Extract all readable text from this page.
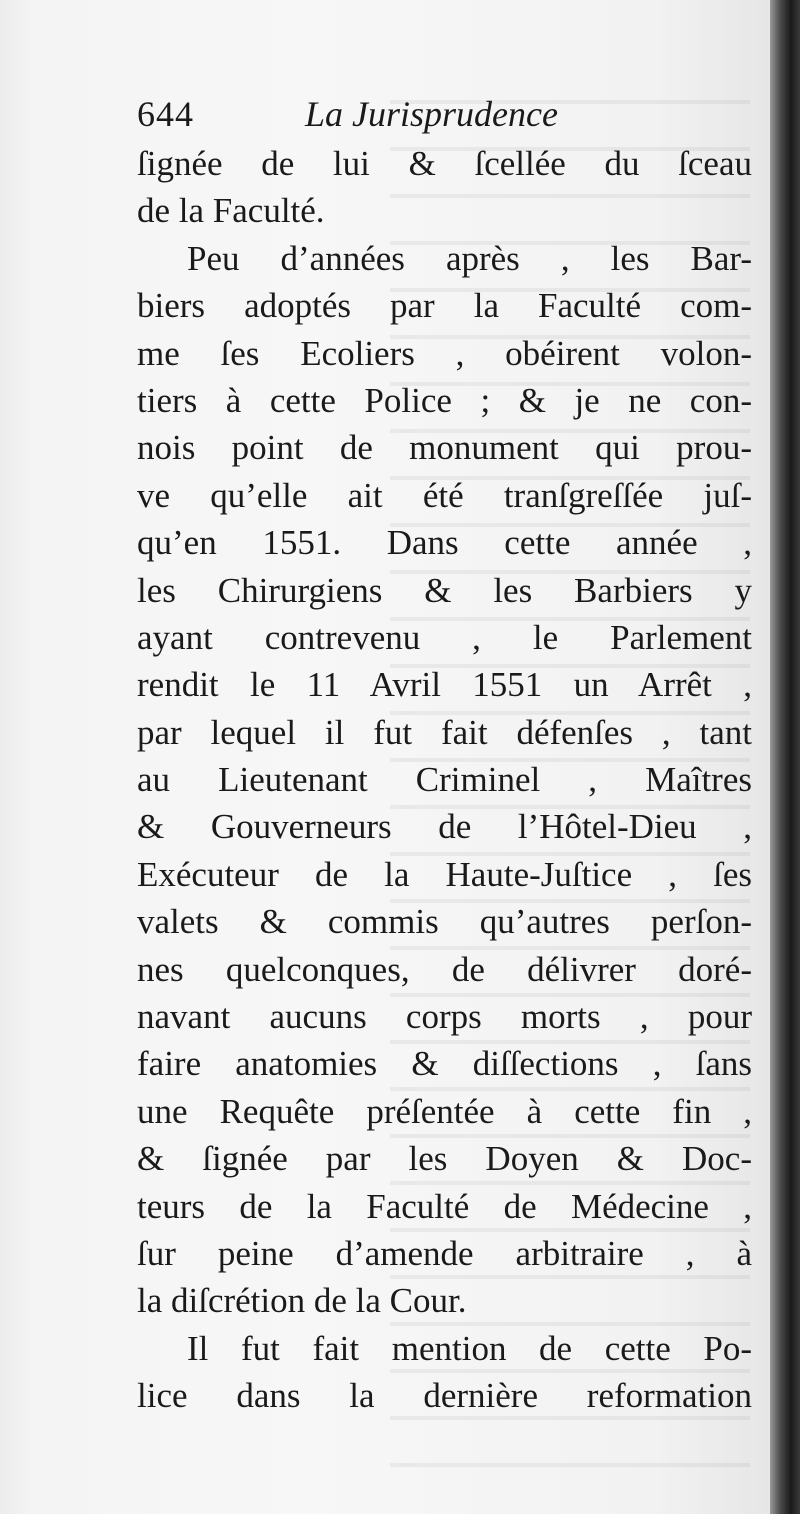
644	La Jurisprudence
ſignée de lui & ſcellée du ſceau
de la Faculté.
Peu d’années après , les Bar-
biers adoptés par la Faculté com-
me ſes Ecoliers , obéirent volon-
tiers à cette Police ; & je ne con-
nois point de monument qui prou-
ve qu’elle ait été tranſgreſſée juſ-
qu’en 1551. Dans cette année ,
les Chirurgiens & les Barbiers y
ayant contrevenu , le Parlement
rendit le 11 Avril 1551 un Arrêt ,
par lequel il fut fait défenſes , tant
au Lieutenant Criminel , Maîtres
& Gouverneurs de l’Hôtel-Dieu ,
Exécuteur de la Haute-Juſtice , ſes
valets & commis qu’autres perſon-
nes quelconques, de délivrer doré-
navant aucuns corps morts , pour
faire anatomies & diſſections , ſans
une Requête préſentée à cette fin ,
& ſignée par les Doyen & Doc-
teurs de la Faculté de Médecine ,
ſur peine d’amende arbitraire , à
la diſcrétion de la Cour.
Il fut fait mention de cette Po-
lice dans la dernière reformation
